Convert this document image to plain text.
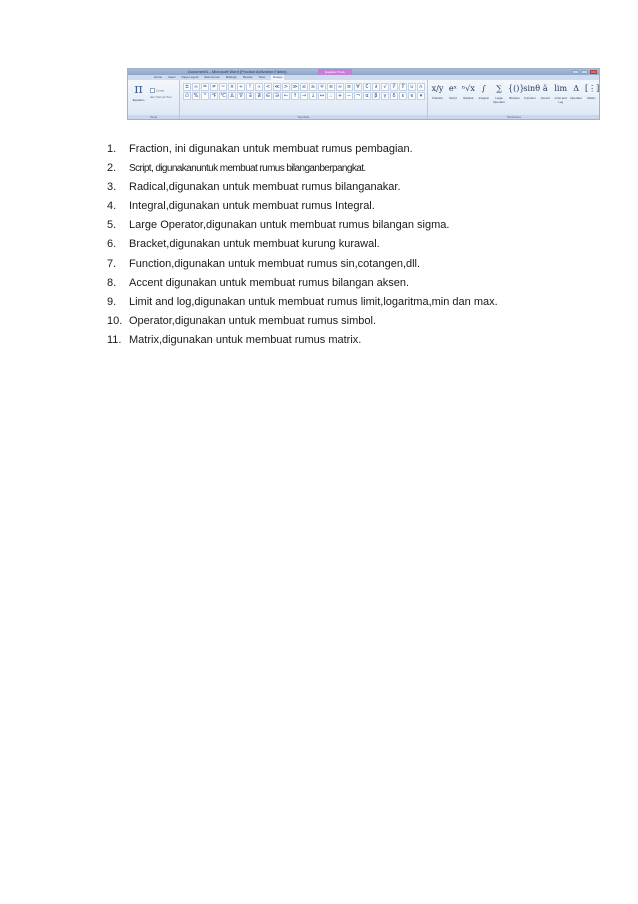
Document1 - Microsoft Word (Product Activation Failed)	Equation Tools
Home Insert Page Layout References Mailings Review View	Design
π
Equation
Linear
abc Normal Text
Tools
± ∞ = ≠ ~ × ÷	!	∝	< ≪ > ≫ ≤ ≥ ∓ ≅ ≈ ≡	∀	∁	∂	√	∛	∜	∪	∩
∅ %	°	℉ ℃ ∆	∇	∃	∄	∈ ∋ ← ↑ → ↓ ↔	∴	+ − ¬	α	β	γ	δ	ε	ϵ	▾
Symbols
x/y
Fraction
eˣ
Script
ⁿ√x
Radical
∫
Integral
∑
Large Operator
{()}
Bracket
sinθ
Function
ä
Accent
lim
Limit and Log
Δ
Operator
[⋮]
Matrix
Structures
1. Fraction, ini digunakan untuk membuat rumus pembagian.
2. Script, digunakanuntuk membuat rumus bilanganberpangkat.
3. Radical,digunakan untuk membuat rumus bilanganakar.
4. Integral,digunakan untuk membuat rumus Integral.
5. Large Operator,digunakan untuk membuat rumus bilangan sigma.
6. Bracket,digunakan untuk membuat kurung kurawal.
7. Function,digunakan untuk membuat rumus sin,cotangen,dll.
8. Accent digunakan untuk membuat rumus bilangan aksen.
9. Limit and log,digunakan untuk membuat rumus limit,logaritma,min dan max.
10. Operator,digunakan untuk membuat rumus simbol.
11. Matrix,digunakan untuk membuat rumus matrix.
